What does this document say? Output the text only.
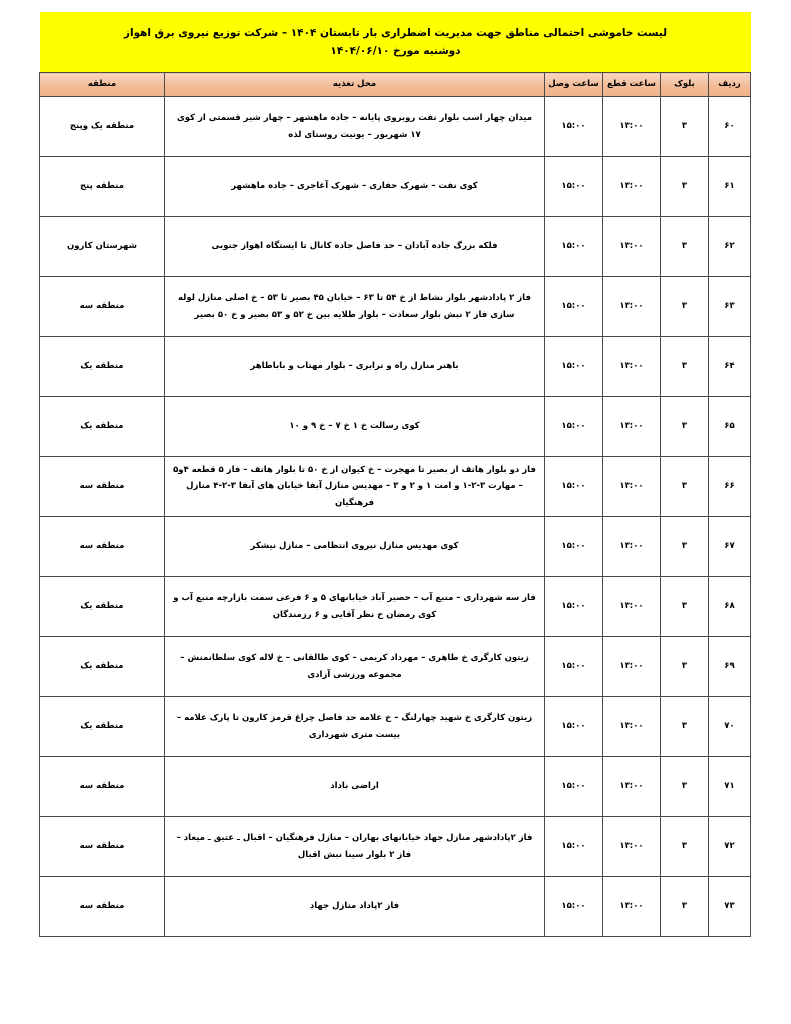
لیست خاموشی احتمالی مناطق جهت مدیریت اضطراری بار تابستان ۱۴۰۴ – شرکت توزیع نیروی برق اهواز
دوشنبه مورخ ۱۴۰۴/۰۶/۱۰
ردیف	بلوک	ساعت قطع	ساعت وصل	محل تغذیه	منطقه
۶۰	۳	۱۳:۰۰	۱۵:۰۰	میدان چهار اسب بلوار نفت روبروی پایانه – جاده ماهشهر – چهار شیر قسمتی از کوی ۱۷ شهریور – یونیت روستای لذه	منطقه یک وپنج
۶۱	۳	۱۳:۰۰	۱۵:۰۰	کوی نفت – شهرک حفاری – شهرک آغاجری – جاده ماهشهر	منطقه پنج
۶۲	۳	۱۳:۰۰	۱۵:۰۰	فلکه بزرگ جاده آبادان – حد فاصل جاده کانال تا ایستگاه اهواز جنوبی	شهرستان کارون
۶۳	۳	۱۳:۰۰	۱۵:۰۰	فاز ۲ پادادشهر بلوار نشاط از خ ۵۴ تا ۶۳ – خیابان ۴۵ بصیر تا ۵۳ – خ اصلی منازل لوله سازی فاز ۲ نبش بلوار سعادت – بلوار طلایه بین خ ۵۲ و ۵۳ بصیر و خ ۵۰ بصیر	منطقه سه
۶۴	۳	۱۳:۰۰	۱۵:۰۰	باهنر منازل راه و ترابری – بلوار مهتاب و باباطاهر	منطقه یک
۶۵	۳	۱۳:۰۰	۱۵:۰۰	کوی رسالت خ ۱ خ ۷ – خ ۹ و ۱۰	منطقه یک
۶۶	۳	۱۳:۰۰	۱۵:۰۰	فاز دو بلوار هاتف از بصیر تا مهجرت – خ کیوان از خ ۵۰ تا بلوار هاتف – فاز ۵ قطعه ۴و۵ – مهارت ۳-۲-۱ و امت ۱ و ۲ و ۳ – مهدیس منازل آبفا خیابان های آبفا ۳-۲-۴ منازل فرهنگیان	منطقه سه
۶۷	۳	۱۳:۰۰	۱۵:۰۰	کوی مهدیس منازل نیروی انتظامی – منازل نیشکر	منطقه سه
۶۸	۳	۱۳:۰۰	۱۵:۰۰	فاز سه شهرداری – منبع آب – حصیر آباد خیابانهای ۵ و ۶ فرعی سمت بازارچه منبع آب و کوی رمضان خ نظر آقایی و ۶ رزمندگان	منطقه یک
۶۹	۳	۱۳:۰۰	۱۵:۰۰	زیتون کارگری خ طاهری – مهرداد کریمی – کوی طالقانی – خ لاله کوی سلطانمنش – مجموعه ورزشی آزادی	منطقه یک
۷۰	۳	۱۳:۰۰	۱۵:۰۰	زیتون کارگری خ شهید چهارلنگ – خ علامه حد فاصل چراغ قرمز کارون تا پارک علامه – بیست متری شهرداری	منطقه یک
۷۱	۳	۱۳:۰۰	۱۵:۰۰	اراضی باداد	منطقه سه
۷۲	۳	۱۳:۰۰	۱۵:۰۰	فاز ۲پادادشهر منازل جهاد خیابانهای بهاران – منازل فرهنگیان – اقبال ـ عتیق ـ میعاد – فاز ۲ بلوار سینا نبش اقبال	منطقه سه
۷۳	۳	۱۳:۰۰	۱۵:۰۰	فاز ۲پاداد منازل جهاد	منطقه سه
